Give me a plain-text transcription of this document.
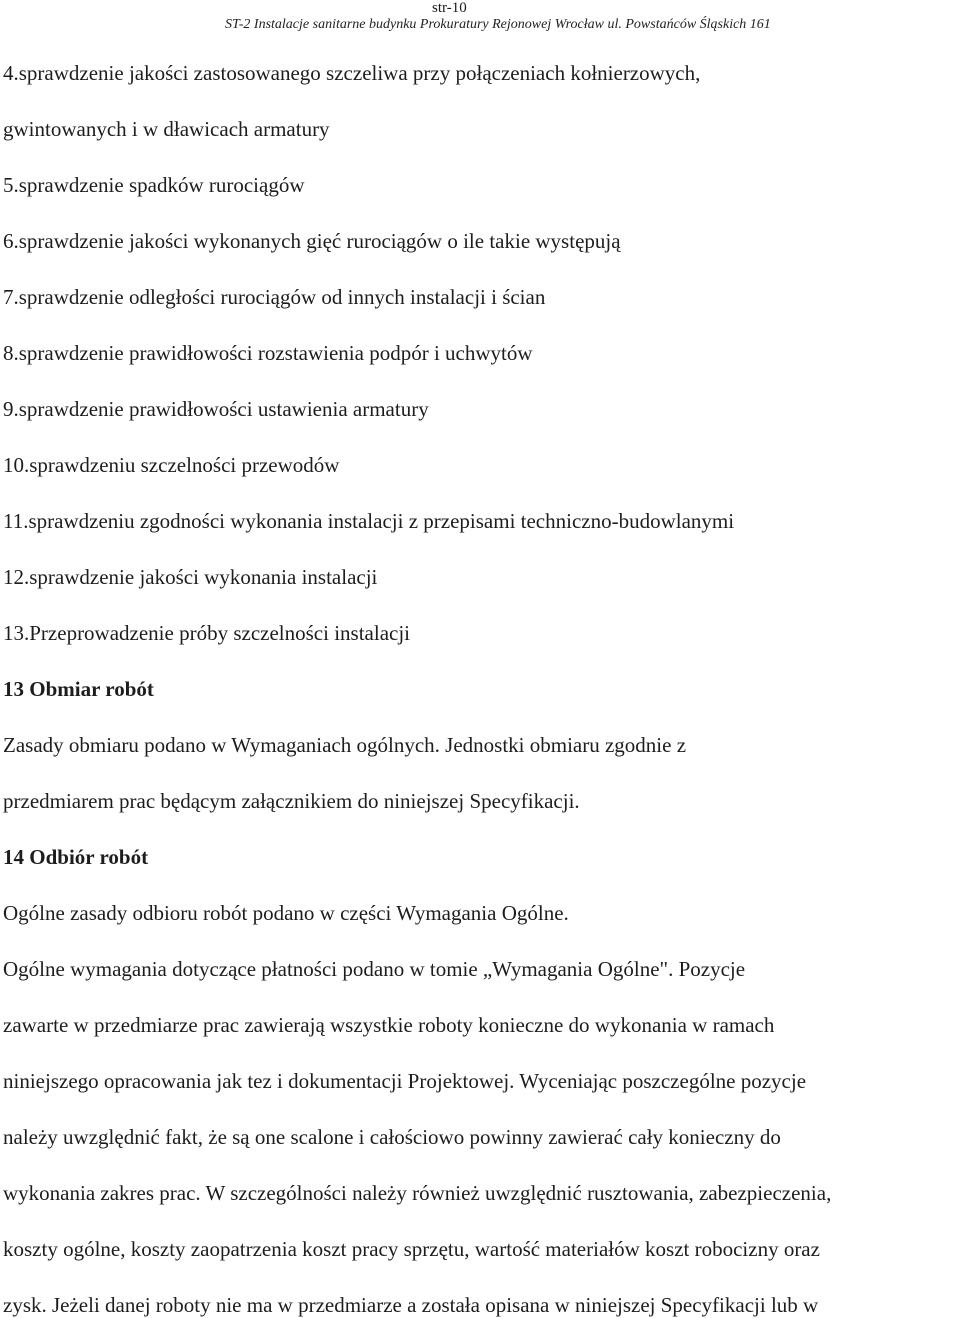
str-10
ST-2 Instalacje sanitarne budynku Prokuratury Rejonowej Wrocław ul. Powstańców Śląskich 161
4.sprawdzenie jakości zastosowanego szczeliwa przy połączeniach kołnierzowych,
gwintowanych i w dławicach armatury
5.sprawdzenie spadków rurociągów
6.sprawdzenie jakości wykonanych gięć rurociągów o ile takie występują
7.sprawdzenie odległości rurociągów od innych instalacji i ścian
8.sprawdzenie prawidłowości rozstawienia podpór i uchwytów
9.sprawdzenie prawidłowości ustawienia armatury
10.sprawdzeniu szczelności przewodów
11.sprawdzeniu zgodności wykonania instalacji z przepisami techniczno-budowlanymi
12.sprawdzenie jakości wykonania instalacji
13.Przeprowadzenie próby szczelności instalacji
13 Obmiar robót
Zasady obmiaru podano w Wymaganiach ogólnych. Jednostki obmiaru zgodnie z
przedmiarem prac będącym załącznikiem do niniejszej Specyfikacji.
14 Odbiór robót
Ogólne zasady odbioru robót podano w części Wymagania Ogólne.
Ogólne wymagania dotyczące płatności podano w tomie „Wymagania Ogólne". Pozycje
zawarte w przedmiarze prac zawierają wszystkie roboty konieczne do wykonania w ramach
niniejszego opracowania jak tez i dokumentacji Projektowej. Wyceniając poszczególne pozycje
należy uwzględnić fakt, że są one scalone i całościowo powinny zawierać cały konieczny do
wykonania zakres prac. W szczególności należy również uwzględnić rusztowania, zabezpieczenia,
koszty ogólne, koszty zaopatrzenia koszt pracy sprzętu, wartość materiałów koszt robocizny oraz
zysk. Jeżeli danej roboty nie ma w przedmiarze a została opisana w niniejszej Specyfikacji lub w
